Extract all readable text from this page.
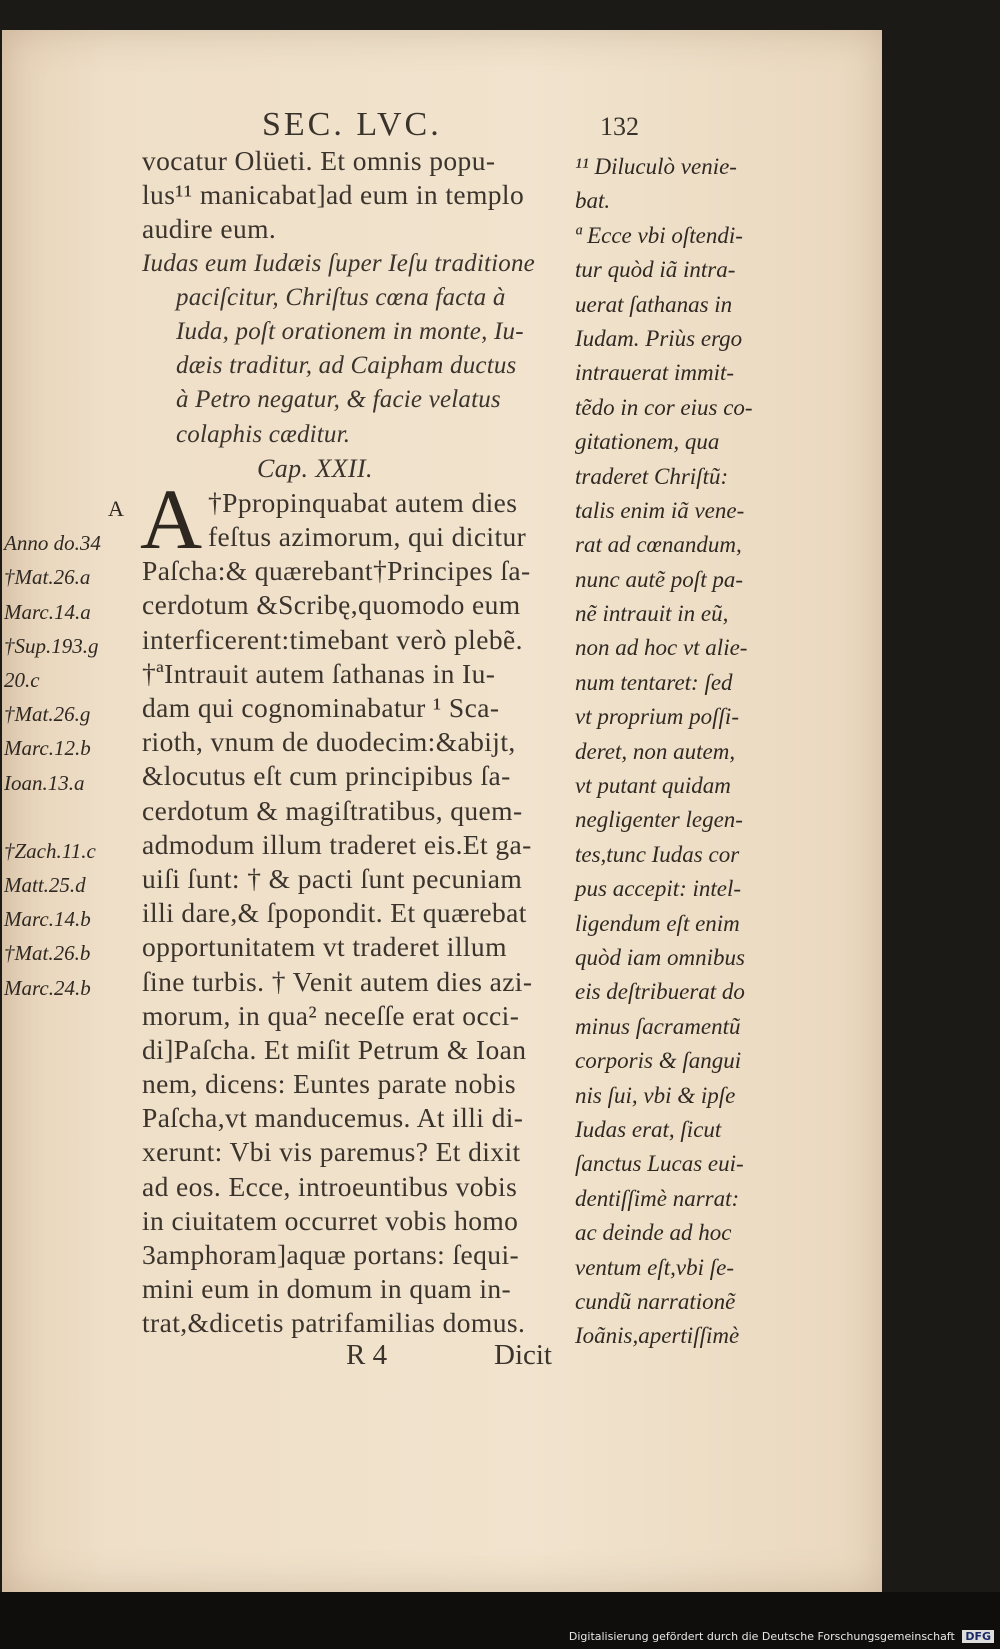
SEC. LVC.	132
vocatur Olüeti. Et omnis popu-
lus¹¹ manicabat]ad eum in templo
audire eum.
Iudas eum Iudæis ſuper Ieſu traditione
paciſcitur, Chriſtus cœna facta à
Iuda, poſt orationem in monte, Iu-
dæis traditur, ad Caipham ductus
à Petro negatur, & facie velatus
colaphis cæditur.
Cap. XXII.
†Ppropinquabat autem dies
feſtus azimorum, qui dicitur
Paſcha:& quærebant†Principes ſa-
cerdotum &Scribę,quomodo eum
interficerent:timebant verò plebẽ.
†ªIntrauit autem ſathanas in Iu-
dam qui cognominabatur ¹ Sca-
rioth, vnum de duodecim:&abijt,
&locutus eſt cum principibus ſa-
cerdotum & magiſtratibus, quem-
admodum illum traderet eis.Et ga-
uiſi ſunt: † & pacti ſunt pecuniam
illi dare,& ſpopondit. Et quærebat
opportunitatem vt traderet illum
ſine turbis. † Venit autem dies azi-
morum, in qua² neceſſe erat occi-
di]Paſcha. Et miſit Petrum & Ioan
nem, dicens: Euntes parate nobis
Paſcha,vt manducemus. At illi di-
xerunt: Vbi vis paremus? Et dixit
ad eos. Ecce, introeuntibus vobis
in ciuitatem occurret vobis homo
3amphoram]aquæ portans: ſequi-
mini eum in domum in quam in-
trat,&dicetis patrifamilias domus.
A
R 4	Dicit
¹¹ Diluculò venie-
bat.
ª Ecce vbi oſtendi-
tur quòd iã intra-
uerat ſathanas in
Iudam. Priùs ergo
intrauerat immit-
tẽdo in cor eius co-
gitationem, qua
traderet Chriſtũ:
talis enim iã vene-
rat ad cœnandum,
nunc autẽ poſt pa-
nẽ intrauit in eũ,
non ad hoc vt alie-
num tentaret: ſed
vt proprium poſſi-
deret, non autem,
vt putant quidam
negligenter legen-
tes,tunc Iudas cor
pus accepit: intel-
ligendum eſt enim
quòd iam omnibus
eis deſtribuerat do
minus ſacramentũ
corporis & ſangui
nis ſui, vbi & ipſe
Iudas erat, ſicut
ſanctus Lucas eui-
dentiſſimè narrat:
ac deinde ad hoc
ventum eſt,vbi ſe-
cundũ narrationẽ
Ioãnis,apertiſſimè
A
Anno do.34
†Mat.26.a
Marc.14.a
†Sup.193.g
20.c
†Mat.26.g
Marc.12.b
Ioan.13.a
†Zach.11.c
Matt.25.d
Marc.14.b
†Mat.26.b
Marc.24.b
Digitalisierung gefördert durch die Deutsche Forschungsgemeinschaft DFG
